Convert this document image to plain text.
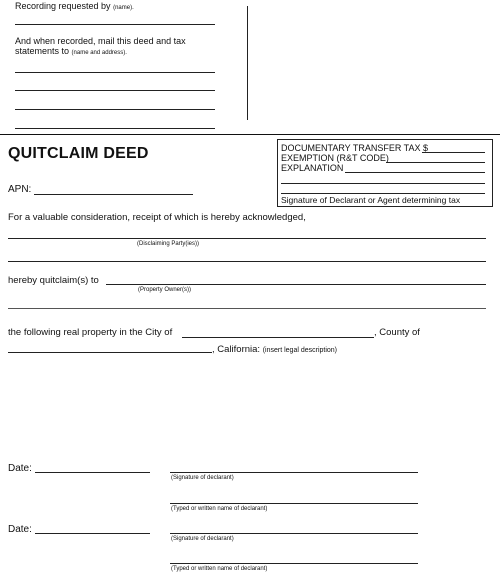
Recording requested by (name).
And when recorded, mail this deed and tax
statements to (name and address).
QUITCLAIM DEED	DOCUMENTARY TRANSFER TAX $
EXEMPTION (R&T CODE)
EXPLANATION
Signature of Declarant or Agent determining tax
APN:
For a valuable consideration, receipt of which is hereby acknowledged,
(Disclaiming Party(ies))
hereby quitclaim(s) to
(Property Owner(s))
the following real property in the City of	, County of
, California: (insert legal description)
Date:
(Signature of declarant)
(Typed or written name of declarant)
Date:
(Signature of declarant)
(Typed or written name of declarant)
